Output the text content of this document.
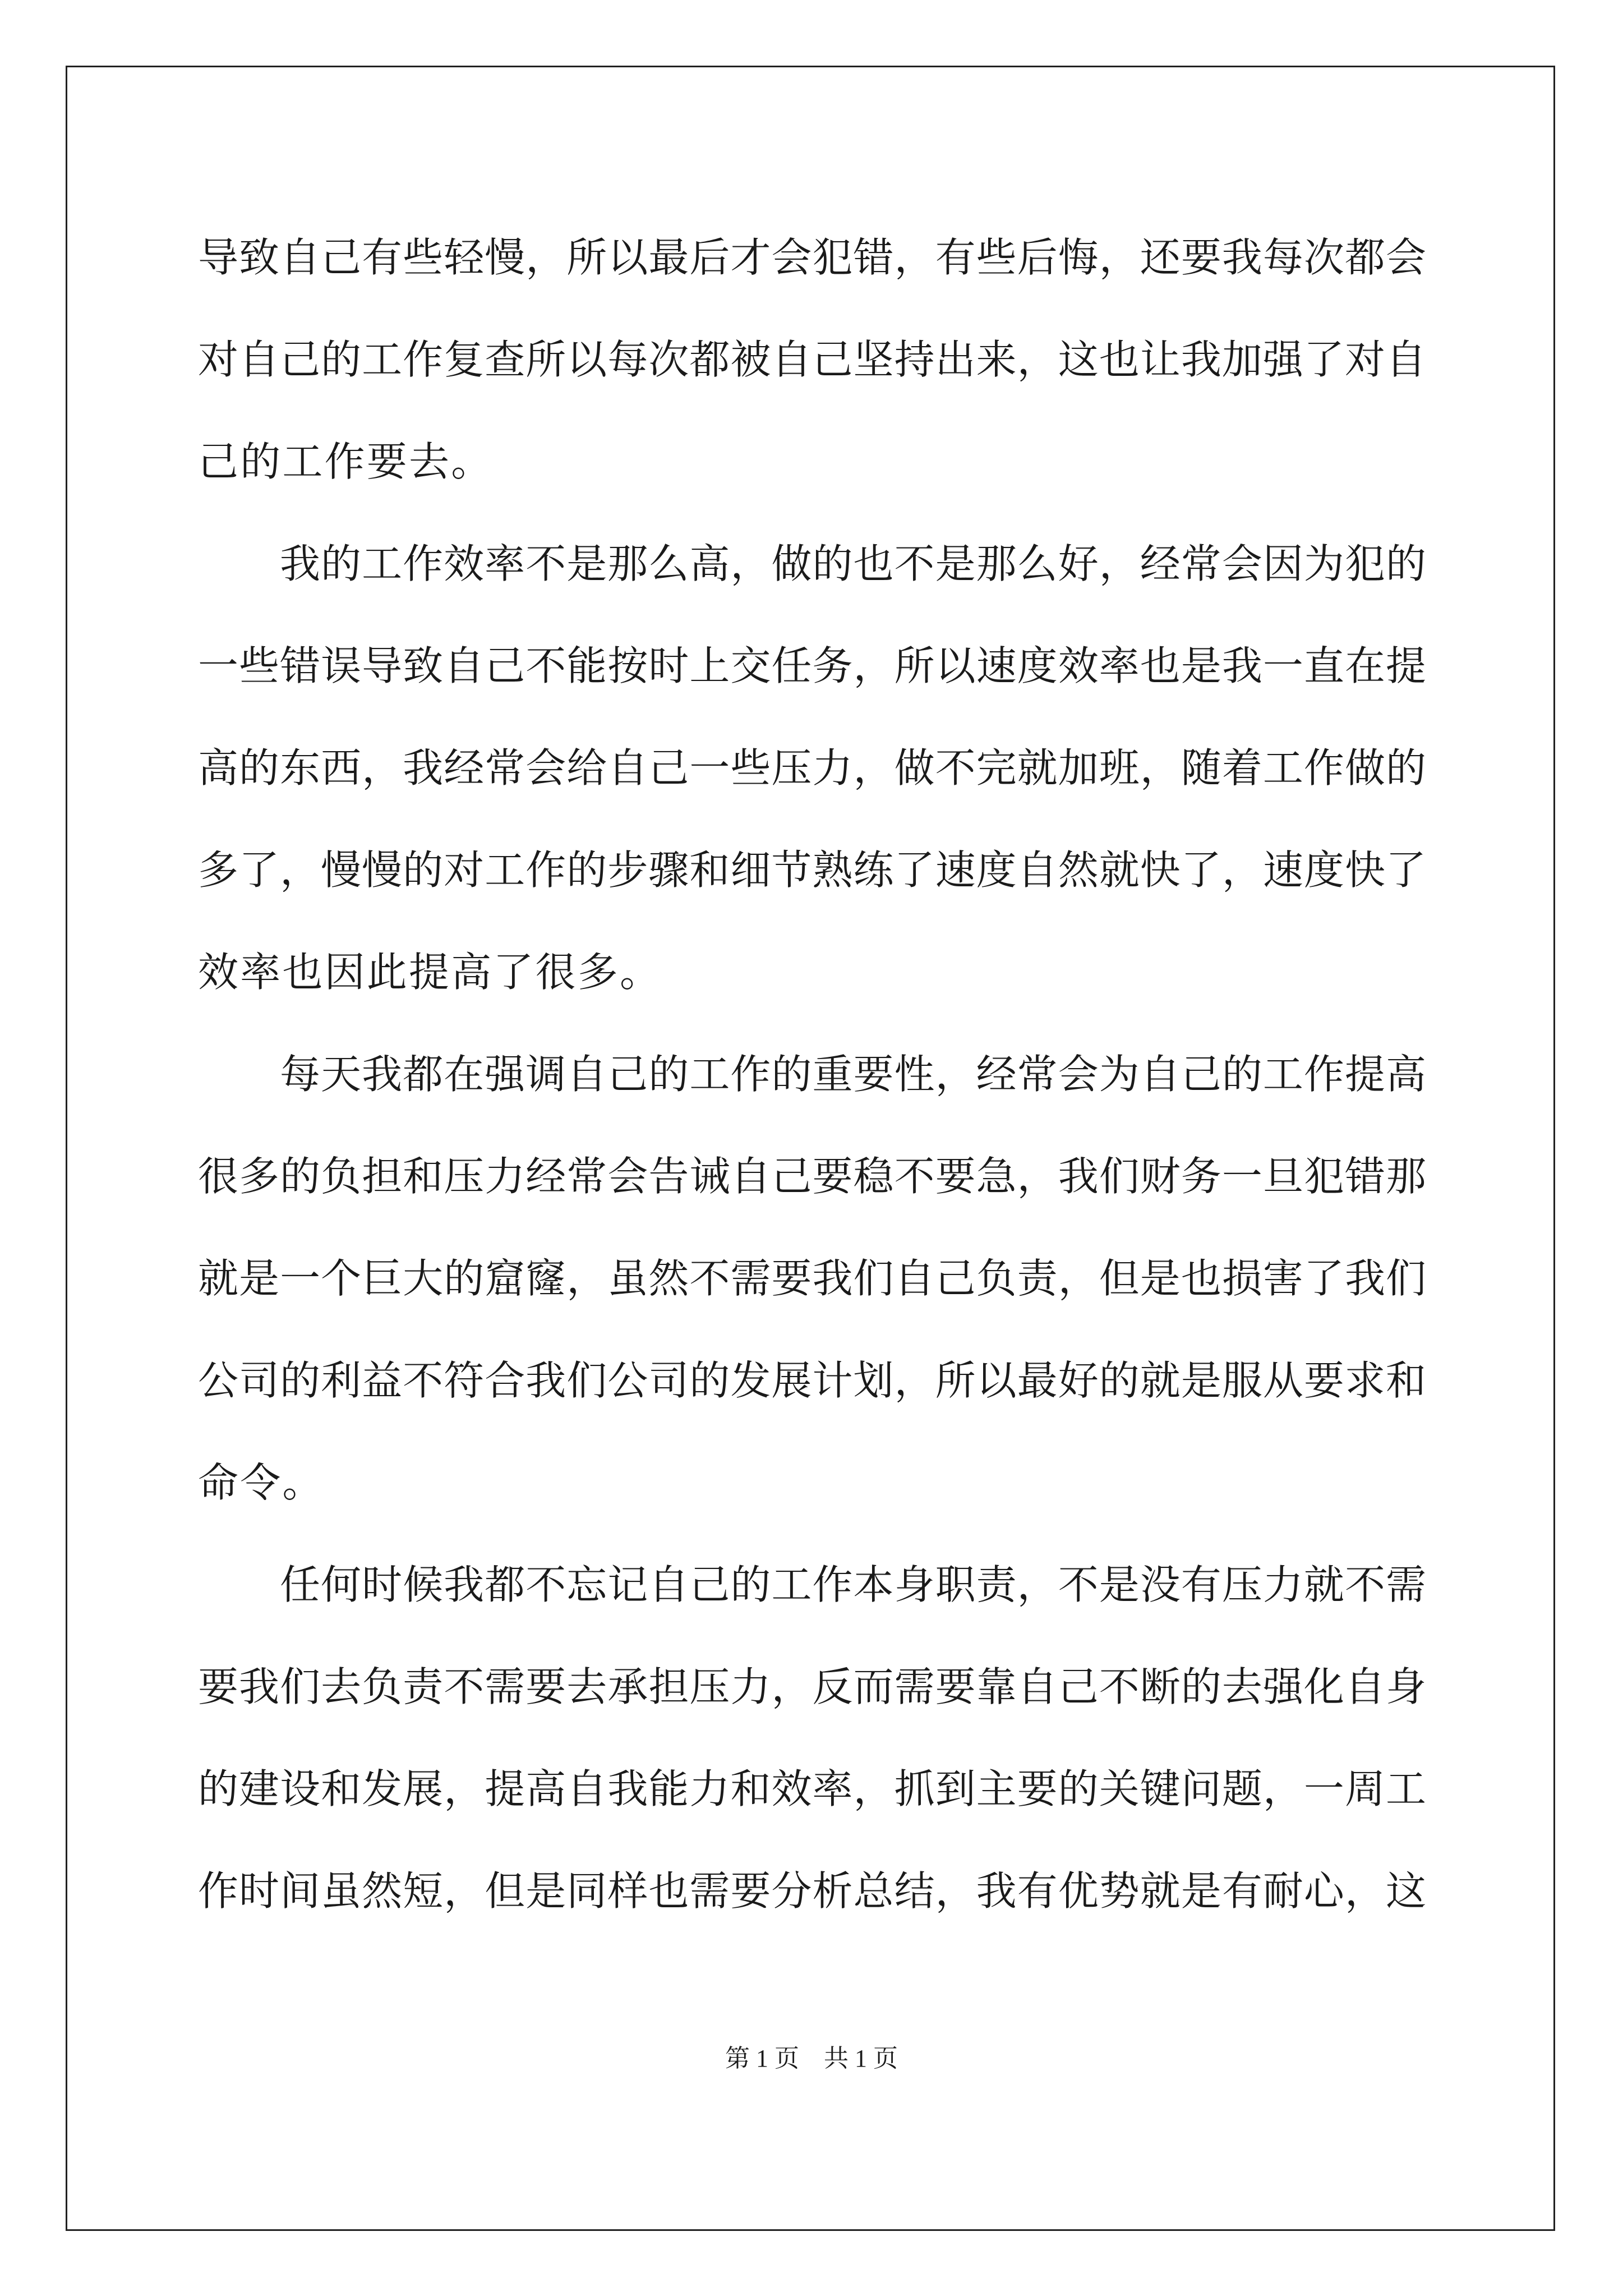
导致自己有些轻慢，所以最后才会犯错，有些后悔，还要我每次都会
对自己的工作复查所以每次都被自己坚持出来，这也让我加强了对自
己的工作要去。
我的工作效率不是那么高，做的也不是那么好，经常会因为犯的
一些错误导致自己不能按时上交任务，所以速度效率也是我一直在提
高的东西，我经常会给自己一些压力，做不完就加班，随着工作做的
多了，慢慢的对工作的步骤和细节熟练了速度自然就快了，速度快了
效率也因此提高了很多。
每天我都在强调自己的工作的重要性，经常会为自己的工作提高
很多的负担和压力经常会告诫自己要稳不要急，我们财务一旦犯错那
就是一个巨大的窟窿，虽然不需要我们自己负责，但是也损害了我们
公司的利益不符合我们公司的发展计划，所以最好的就是服从要求和
命令。
任何时候我都不忘记自己的工作本身职责，不是没有压力就不需
要我们去负责不需要去承担压力，反而需要靠自己不断的去强化自身
的建设和发展，提高自我能力和效率，抓到主要的关键问题，一周工
作时间虽然短，但是同样也需要分析总结，我有优势就是有耐心，这
第 1 页　共 1 页
